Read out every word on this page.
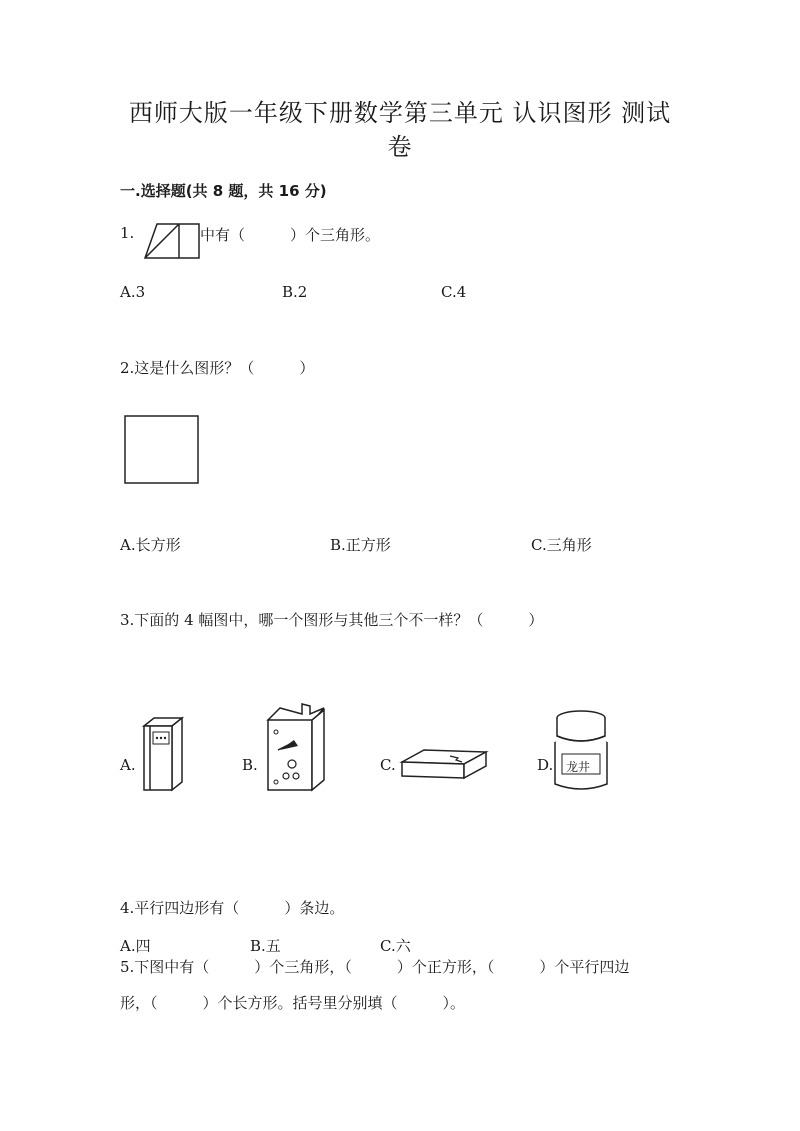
西师大版一年级下册数学第三单元 认识图形 测试
卷
一.选择题(共 8 题，共 16 分)
1.	中有（　　　）个三角形。
A.3	B.2	C.4
2.这是什么图形？（　　　）
A.长方形	B.正方形	C.三角形
3.下面的 4 幅图中，哪一个图形与其他三个不一样？（　　　）
A.	B.	C.	D. 龙井
4.平行四边形有（　　　）条边。
A.四	B.五	C.六
5.下图中有（　　　）个三角形，（　　　）个正方形，（　　　）个平行四边
形，（　　　）个长方形。括号里分别填（　　　）。
